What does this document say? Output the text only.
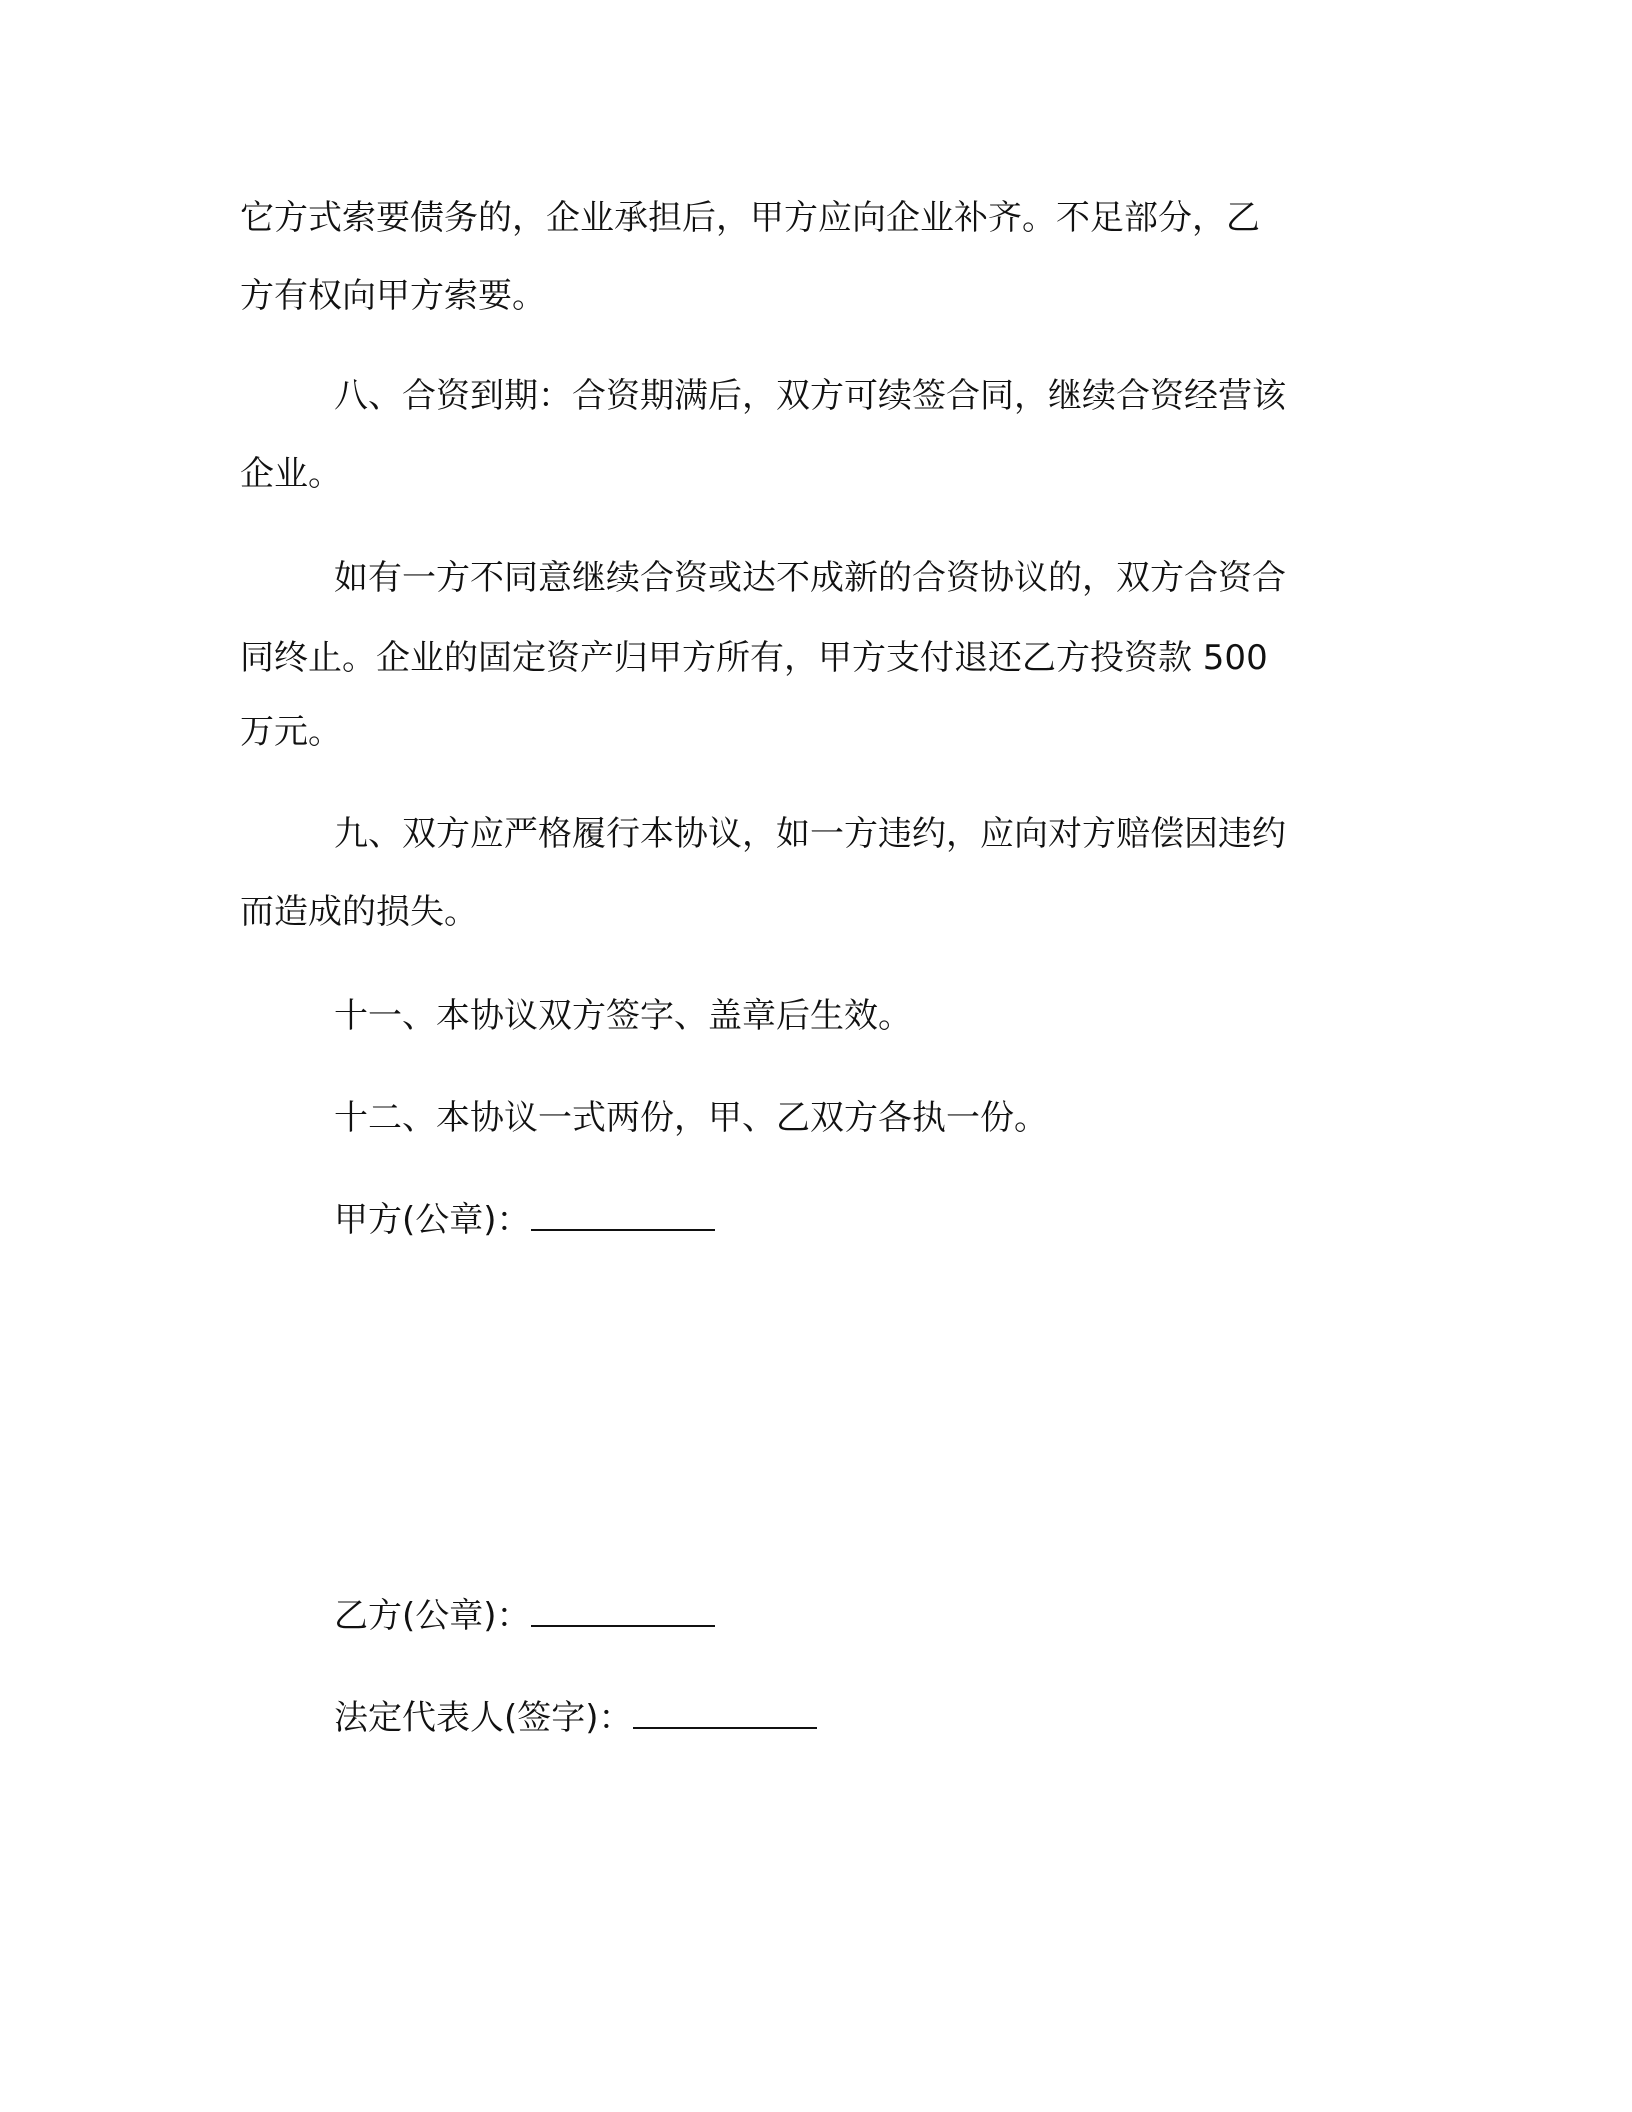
它方式索要债务的，企业承担后，甲方应向企业补齐。不足部分，乙

方有权向甲方索要。

八、合资到期：合资期满后，双方可续签合同，继续合资经营该

企业。

如有一方不同意继续合资或达不成新的合资协议的，双方合资合

同终止。企业的固定资产归甲方所有，甲方支付退还乙方投资款 500

万元。

九、双方应严格履行本协议，如一方违约，应向对方赔偿因违约

而造成的损失。

十一、本协议双方签字、盖章后生效。

十二、本协议一式两份，甲、乙双方各执一份。

甲方(公章)：

乙方(公章)：

法定代表人(签字)：
